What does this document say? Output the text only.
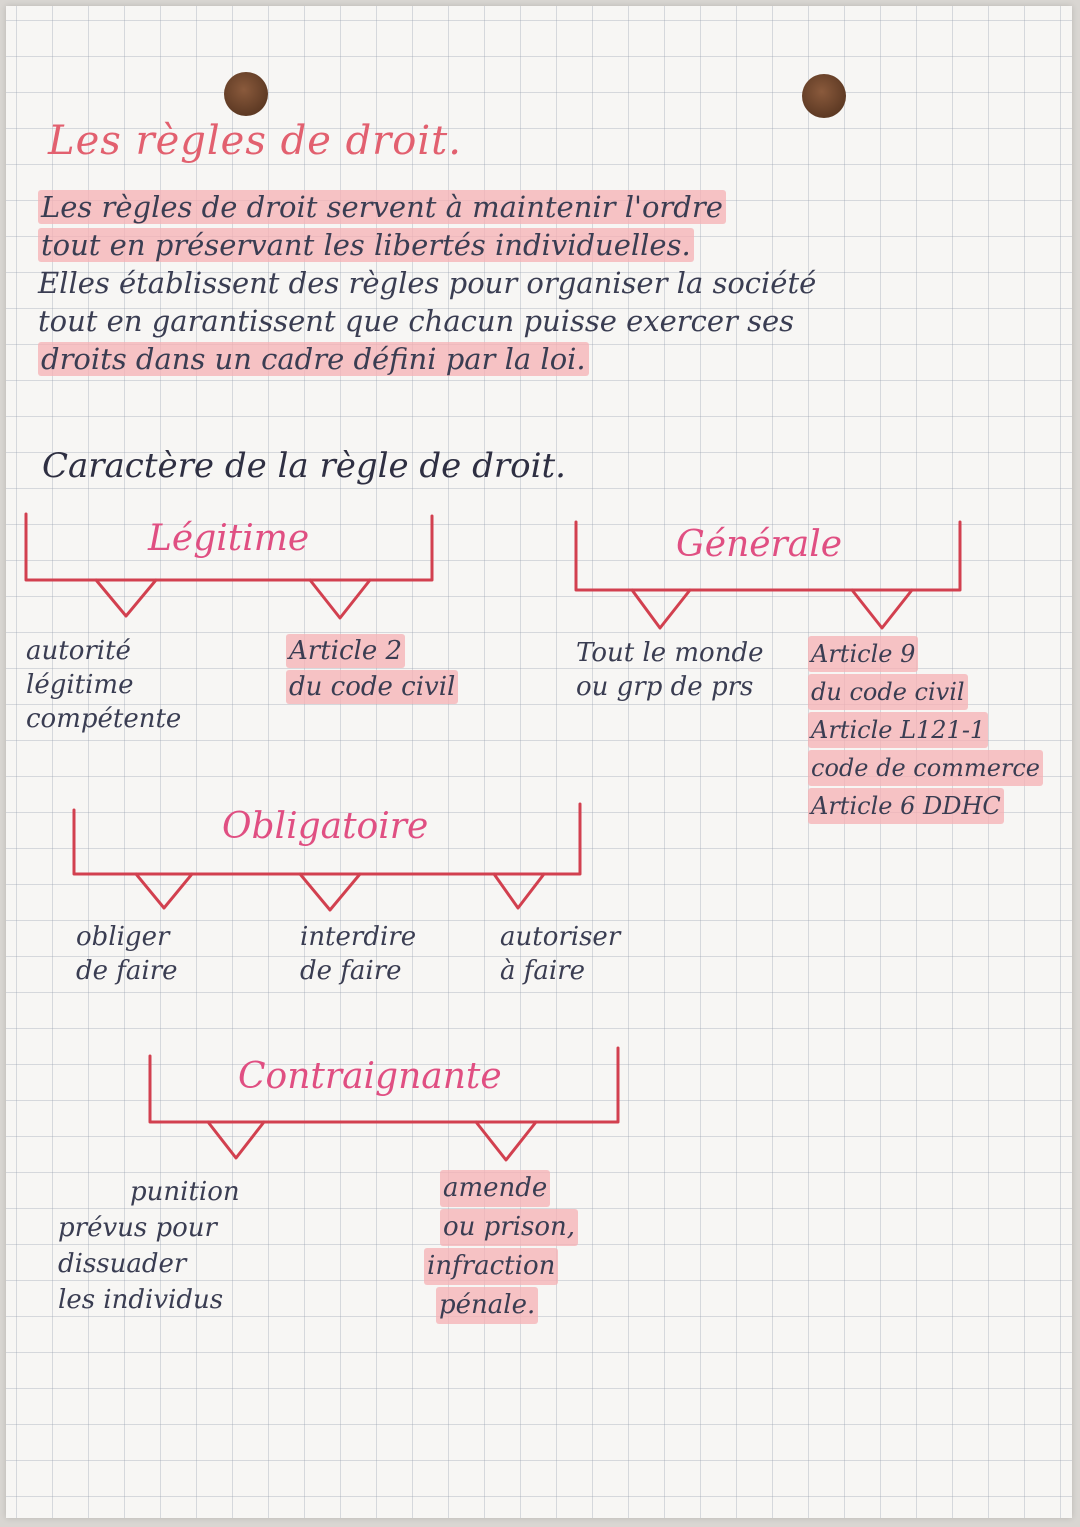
Les règles de droit.
Les règles de droit servent à maintenir l'ordre
tout en préservant les libertés individuelles.
Elles établissent des règles pour organiser la société
tout en garantissent que chacun puisse exercer ses
droits dans un cadre défini par la loi.
Caractère de la règle de droit.
Légitime
autorité
légitime
compétente
Article 2
du code civil
Générale
Tout le monde
ou grp de prs
Article 9
du code civil
Article L121-1
code de commerce
Article 6 DDHC
Obligatoire
obliger
de faire
interdire
de faire
autoriser
à faire
Contraignante
punition
prévus pour
dissuader
les individus
amende
ou prison,
infraction
pénale.
